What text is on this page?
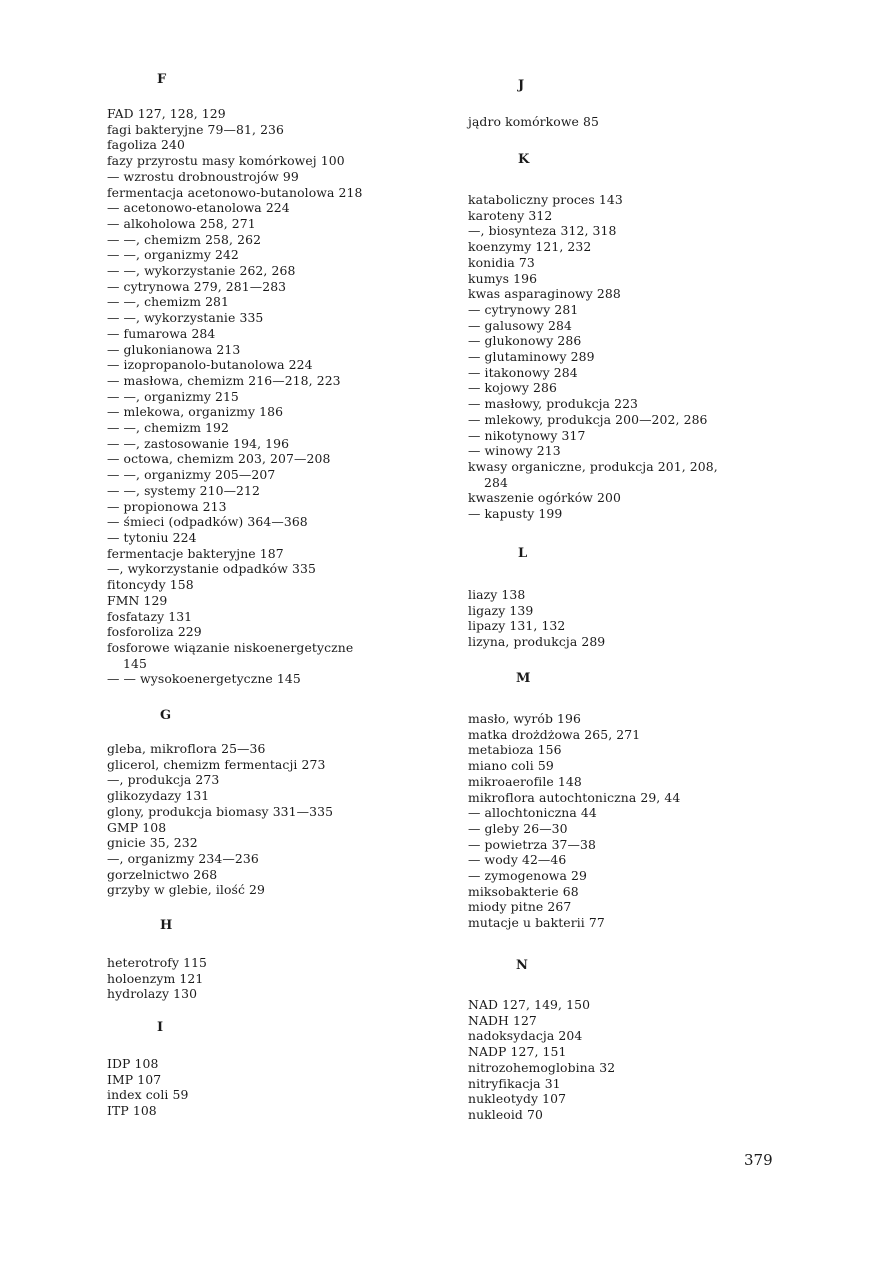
F
FAD 127, 128, 129
fagi bakteryjne 79—81, 236
fagoliza 240
fazy przyrostu masy komórkowej 100
— wzrostu drobnoustrojów 99
fermentacja acetonowo-butanolowa 218
— acetonowo-etanolowa 224
— alkoholowa 258, 271
— —, chemizm 258, 262
— —, organizmy 242
— —, wykorzystanie 262, 268
— cytrynowa 279, 281—283
— —, chemizm 281
— —, wykorzystanie 335
— fumarowa 284
— glukonianowa 213
— izopropanolo-butanolowa 224
— masłowa, chemizm 216—218, 223
— —, organizmy 215
— mlekowa, organizmy 186
— —, chemizm 192
— —, zastosowanie 194, 196
— octowa, chemizm 203, 207—208
— —, organizmy 205—207
— —, systemy 210—212
— propionowa 213
— śmieci (odpadków) 364—368
— tytoniu 224
fermentacje bakteryjne 187
—, wykorzystanie odpadków 335
fitoncydy 158
FMN 129
fosfatazy 131
fosforoliza 229
fosforowe wiązanie niskoenergetyczne
145
— — wysokoenergetyczne 145
G
gleba, mikroflora 25—36
glicerol, chemizm fermentacji 273
—, produkcja 273
glikozydazy 131
glony, produkcja biomasy 331—335
GMP 108
gnicie 35, 232
—, organizmy 234—236
gorzelnictwo 268
grzyby w glebie, ilość 29
H
heterotrofy 115
holoenzym 121
hydrolazy 130
I
IDP 108
IMP 107
index coli 59
ITP 108
J
jądro komórkowe 85
K
kataboliczny proces 143
karoteny 312
—, biosynteza 312, 318
koenzymy 121, 232
konidia 73
kumys 196
kwas asparaginowy 288
— cytrynowy 281
— galusowy 284
— glukonowy 286
— glutaminowy 289
— itakonowy 284
— kojowy 286
— masłowy, produkcja 223
— mlekowy, produkcja 200—202, 286
— nikotynowy 317
— winowy 213
kwasy organiczne, produkcja 201, 208,
284
kwaszenie ogórków 200
— kapusty 199
L
liazy 138
ligazy 139
lipazy 131, 132
lizyna, produkcja 289
M
masło, wyrób 196
matka drożdżowa 265, 271
metabioza 156
miano coli 59
mikroaerofile 148
mikroflora autochtoniczna 29, 44
— allochtoniczna 44
— gleby 26—30
— powietrza 37—38
— wody 42—46
— zymogenowa 29
miksobakterie 68
miody pitne 267
mutacje u bakterii 77
N
NAD 127, 149, 150
NADH 127
nadoksydacja 204
NADP 127, 151
nitrozohemoglobina 32
nitryfikacja 31
nukleotydy 107
nukleoid 70
379
